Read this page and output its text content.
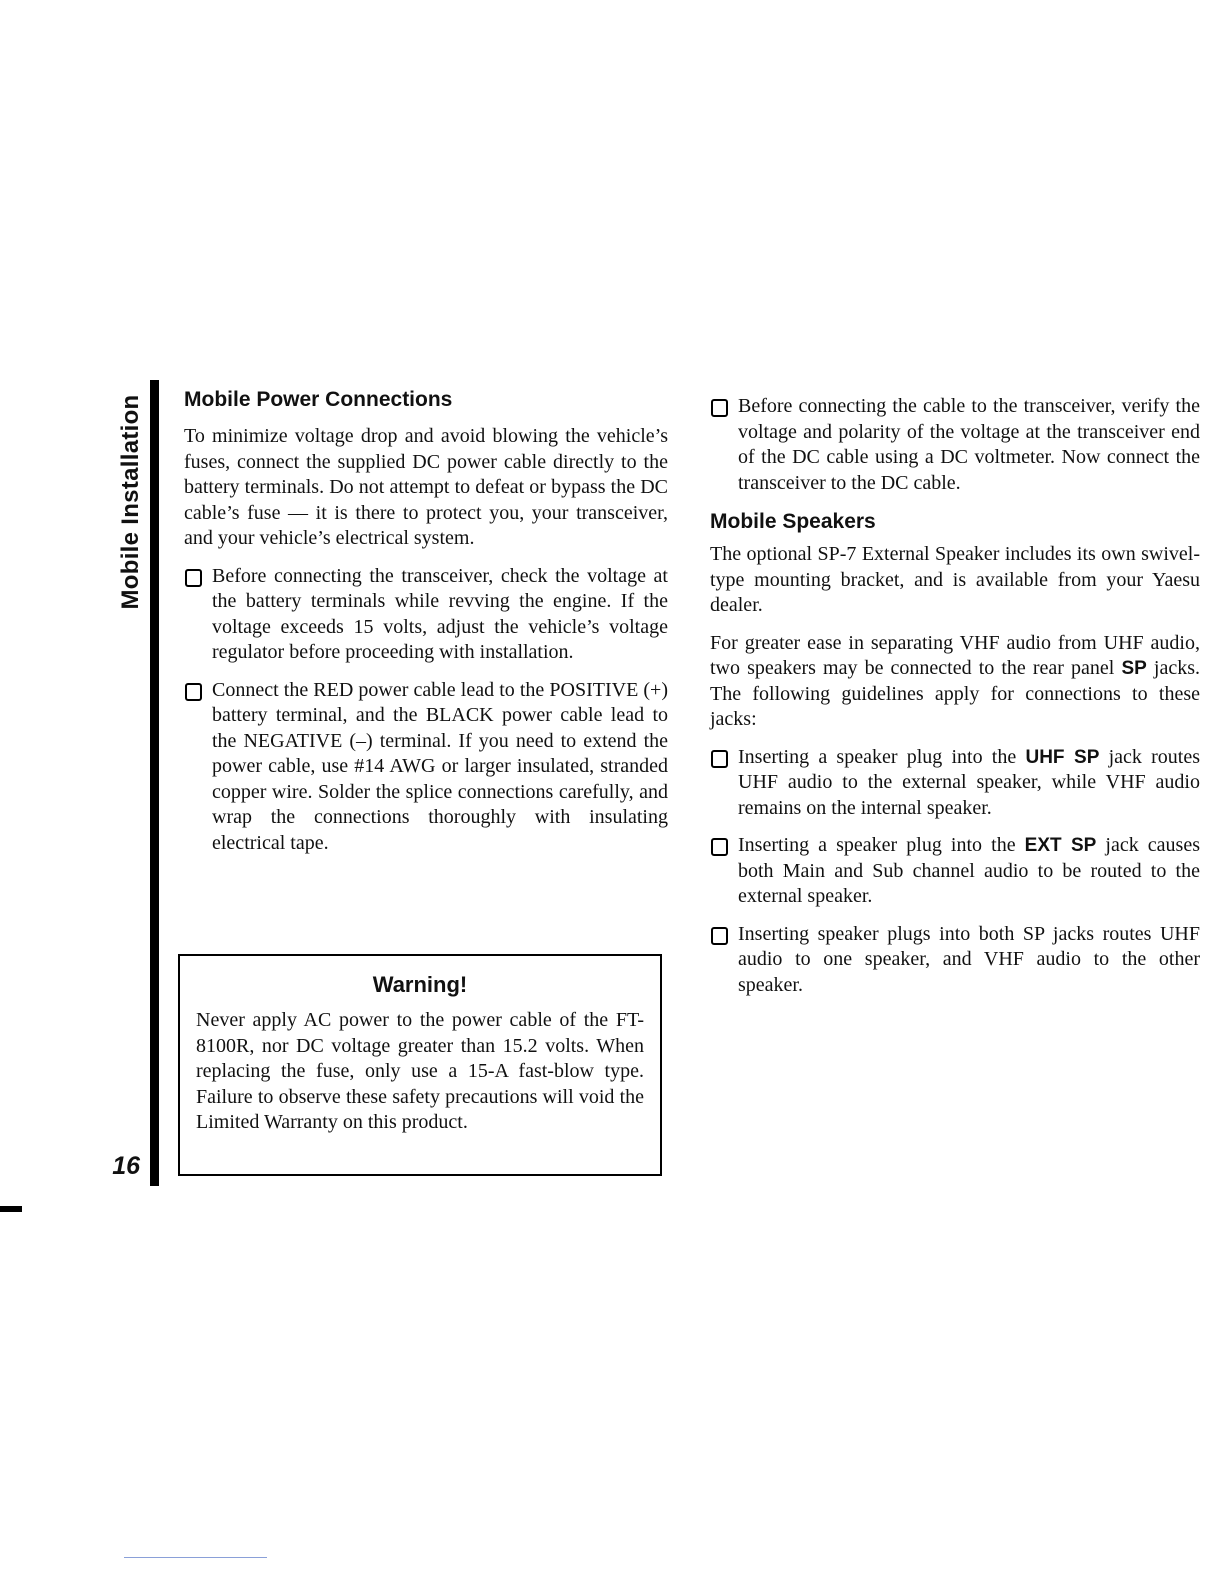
Mobile Installation
16
Mobile Power Connections

To minimize voltage drop and avoid blowing the vehicle’s fuses, connect the supplied DC power cable directly to the battery terminals. Do not attempt to defeat or bypass the DC cable’s fuse — it is there to protect you, your transceiver, and your vehicle’s electrical system.

Before connecting the transceiver, check the voltage at the battery terminals while revving the engine. If the voltage exceeds 15 volts, adjust the vehicle’s voltage regulator before proceeding with installation.
Connect the RED power cable lead to the POSITIVE (+) battery terminal, and the BLACK power cable lead to the NEGATIVE (–) terminal. If you need to extend the power cable, use #14 AWG or larger insulated, stranded copper wire. Solder the splice connections carefully, and wrap the connections thoroughly with insulating electrical tape.
Warning!

Never apply AC power to the power cable of the FT-8100R, nor DC voltage greater than 15.2 volts. When replacing the fuse, only use a 15-A fast-blow type. Failure to observe these safety precautions will void the Limited Warranty on this product.

Before connecting the cable to the transceiver, verify the voltage and polarity of the voltage at the transceiver end of the DC cable using a DC voltmeter. Now connect the transceiver to the DC cable.
Mobile Speakers

The optional SP-7 External Speaker includes its own swivel-type mounting bracket, and is available from your Yaesu dealer.

For greater ease in separating VHF audio from UHF audio, two speakers may be connected to the rear panel SP jacks. The following guidelines apply for connections to these jacks:

Inserting a speaker plug into the UHF SP jack routes UHF audio to the external speaker, while VHF audio remains on the internal speaker.
Inserting a speaker plug into the EXT SP jack causes both Main and Sub channel audio to be routed to the external speaker.
Inserting speaker plugs into both SP jacks routes UHF audio to one speaker, and VHF audio to the other speaker.
